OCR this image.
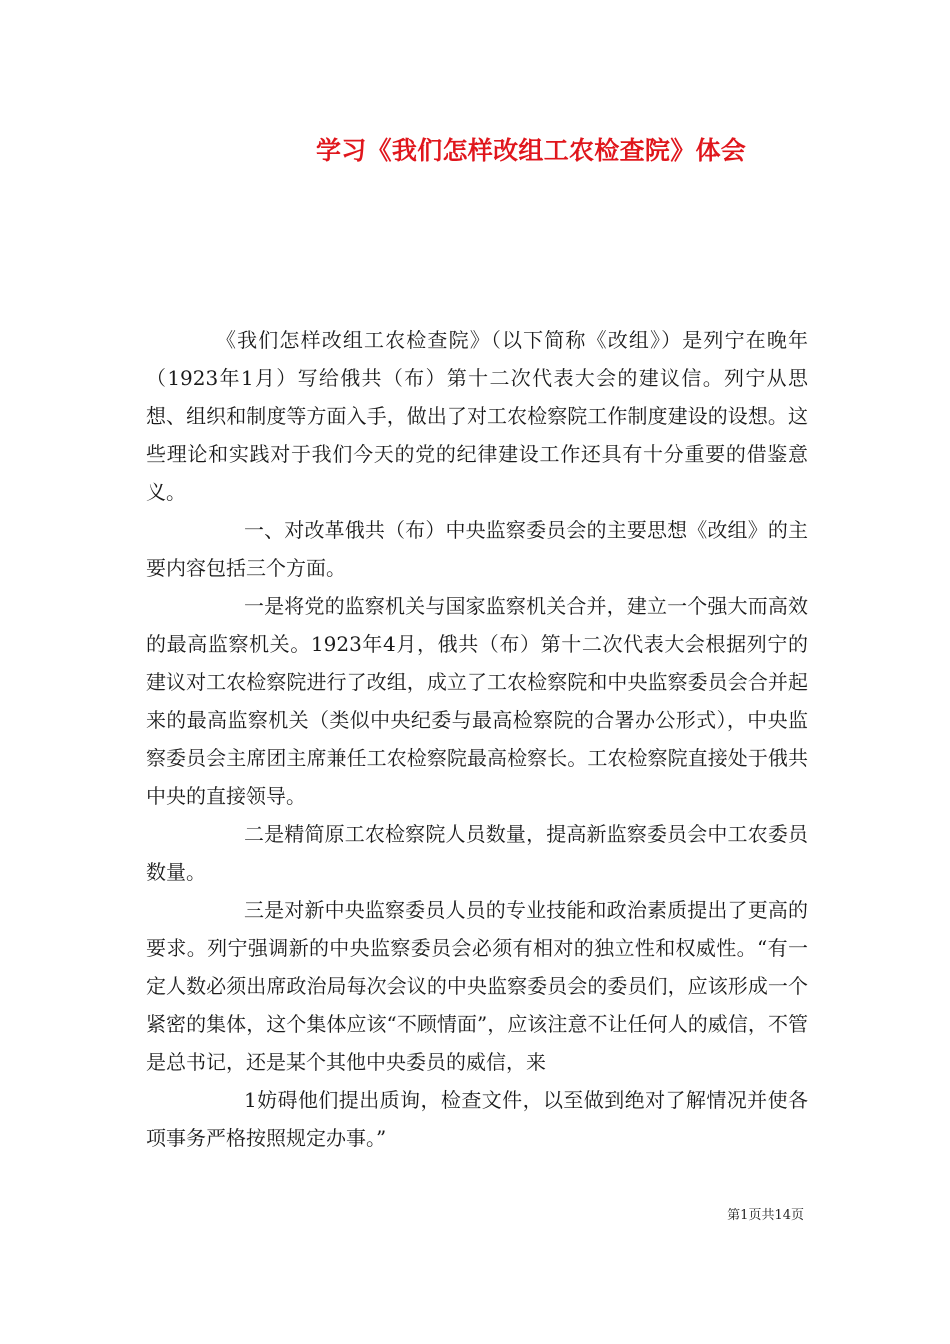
学习《我们怎样改组工农检查院》体会

《我们怎样改组工农检查院》（以下简称《改组》）是列宁在晚年（1923年1月）写给俄共（布）第十二次代表大会的建议信。列宁从思想、组织和制度等方面入手，做出了对工农检察院工作制度建设的设想。这些理论和实践对于我们今天的党的纪律建设工作还具有十分重要的借鉴意义。

一、对改革俄共（布）中央监察委员会的主要思想《改组》的主要内容包括三个方面。

一是将党的监察机关与国家监察机关合并，建立一个强大而高效的最高监察机关。1923年4月，俄共（布）第十二次代表大会根据列宁的建议对工农检察院进行了改组，成立了工农检察院和中央监察委员会合并起来的最高监察机关（类似中央纪委与最高检察院的合署办公形式），中央监察委员会主席团主席兼任工农检察院最高检察长。工农检察院直接处于俄共中央的直接领导。

二是精简原工农检察院人员数量，提高新监察委员会中工农委员数量。

三是对新中央监察委员人员的专业技能和政治素质提出了更高的要求。列宁强调新的中央监察委员会必须有相对的独立性和权威性。“有一定人数必须出席政治局每次会议的中央监察委员会的委员们，应该形成一个紧密的集体，这个集体应该“不顾情面”，应该注意不让任何人的威信，不管是总书记，还是某个其他中央委员的威信，来

1妨碍他们提出质询，检查文件，以至做到绝对了解情况并使各项事务严格按照规定办事。”

第1页共14页
